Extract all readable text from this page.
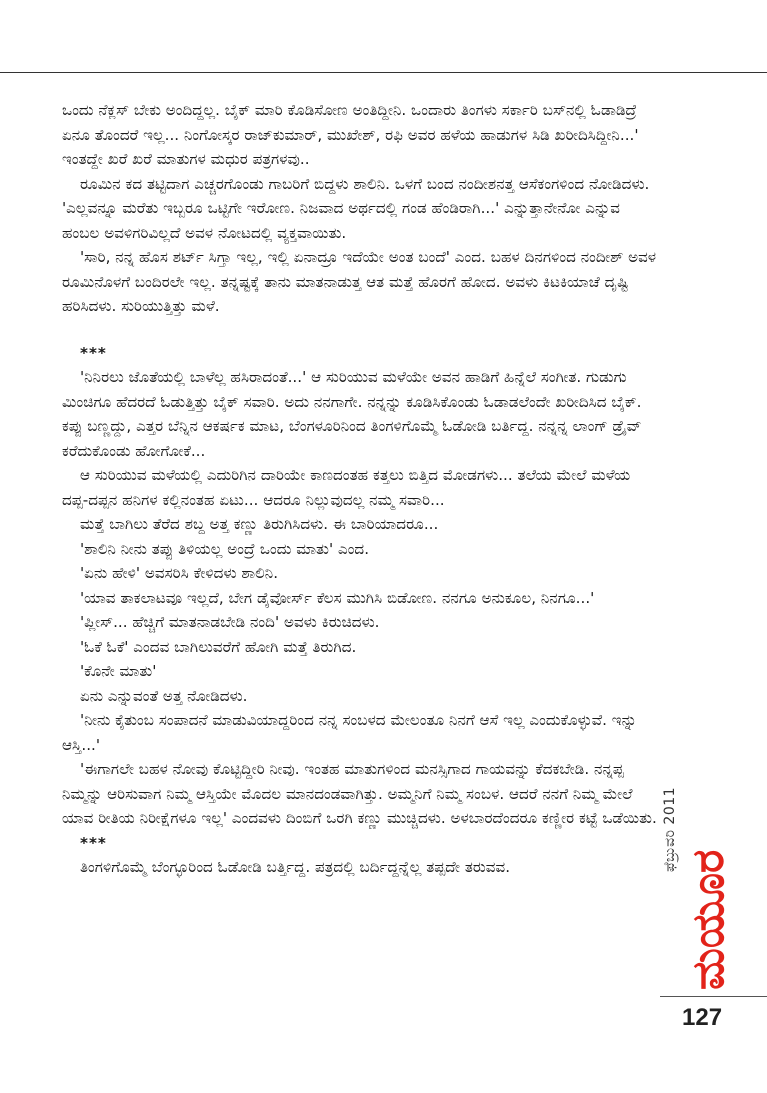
ಒಂದು ನೆಕ್ಲಸ್ ಬೇಕು ಅಂದಿದ್ದಲ್ಲ. ಬೈಕ್ ಮಾರಿ ಕೊಡಿಸೋಣ ಅಂತಿದ್ದೀನಿ. ಒಂದಾರು ತಿಂಗಳು ಸರ್ಕಾರಿ ಬಸ್‌ನಲ್ಲಿ ಓಡಾಡಿದ್ರೆ ಏನೂ ತೊಂದರೆ ಇಲ್ಲ... ನಿಂಗೋಸ್ಕರ ರಾಜ್‌ಕುಮಾರ್, ಮುಖೇಶ್, ರಫಿ ಅವರ ಹಳೆಯ ಹಾಡುಗಳ ಸಿಡಿ ಖರೀದಿಸಿದ್ದೀನಿ...' ಇಂತದ್ದೇ ಖರೆ ಖರೆ ಮಾತುಗಳ ಮಧುರ ಪತ್ರಗಳವು..

ರೂಮಿನ ಕದ ತಟ್ಟಿದಾಗ ಎಚ್ಚರಗೊಂಡು ಗಾಬರಿಗೆ ಬಿದ್ದಳು ಶಾಲಿನಿ. ಒಳಗೆ ಬಂದ ನಂದೀಶನತ್ತ ಆಸೆಕಂಗಳಿಂದ ನೋಡಿದಳು. 'ಎಲ್ಲವನ್ನೂ ಮರೆತು ಇಬ್ಬರೂ ಒಟ್ಟಿಗೇ ಇರೋಣ. ನಿಜವಾದ ಅರ್ಥದಲ್ಲಿ ಗಂಡ ಹೆಂಡಿರಾಗಿ...' ಎನ್ನುತ್ತಾನೇನೋ ಎನ್ನುವ ಹಂಬಲ ಅವಳಿಗರಿವಿಲ್ಲದೆ ಅವಳ ನೋಟದಲ್ಲಿ ವ್ಯಕ್ತವಾಯಿತು.

'ಸಾರಿ, ನನ್ನ ಹೊಸ ಶರ್ಟ್ ಸಿಗ್ತಾ ಇಲ್ಲ, ಇಲ್ಲಿ ಏನಾದ್ರೂ ಇದೆಯೇ ಅಂತ ಬಂದೆ' ಎಂದ. ಬಹಳ ದಿನಗಳಿಂದ ನಂದೀಶ್ ಅವಳ ರೂಮಿನೊಳಗೆ ಬಂದಿರಲೇ ಇಲ್ಲ. ತನ್ನಷ್ಟಕ್ಕೆ ತಾನು ಮಾತನಾಡುತ್ತ ಆತ ಮತ್ತೆ ಹೊರಗೆ ಹೋದ. ಅವಳು ಕಿಟಕಿಯಾಚೆ ದೃಷ್ಟಿ ಹರಿಸಿದಳು. ಸುರಿಯುತ್ತಿತ್ತು ಮಳೆ.

***

'ನಿನಿರಲು ಜೊತೆಯಲ್ಲಿ ಬಾಳೆಲ್ಲ ಹಸಿರಾದಂತೆ...' ಆ ಸುರಿಯುವ ಮಳೆಯೇ ಅವನ ಹಾಡಿಗೆ ಹಿನ್ನೆಲೆ ಸಂಗೀತ. ಗುಡುಗು ಮಿಂಚಿಗೂ ಹೆದರದೆ ಓಡುತ್ತಿತ್ತು ಬೈಕ್ ಸವಾರಿ. ಅದು ನನಗಾಗೇ. ನನ್ನನ್ನು ಕೂಡಿಸಿಕೊಂಡು ಓಡಾಡಲೆಂದೇ ಖರೀದಿಸಿದ ಬೈಕ್. ಕಪ್ಪು ಬಣ್ಣದ್ದು, ಎತ್ತರ ಬೆನ್ನಿನ ಆಕರ್ಷಕ ಮಾಟ, ಬೆಂಗಳೂರಿನಿಂದ ತಿಂಗಳಿಗೊಮ್ಮೆ ಓಡೋಡಿ ಬರ್ತಿದ್ದ. ನನ್ನನ್ನ ಲಾಂಗ್ ಡ್ರೈವ್ ಕರೆದುಕೊಂಡು ಹೋಗೋಕೆ...

ಆ ಸುರಿಯುವ ಮಳೆಯಲ್ಲಿ ಎದುರಿಗಿನ ದಾರಿಯೇ ಕಾಣದಂತಹ ಕತ್ತಲು ಬಿತ್ತಿದ ಮೋಡಗಳು... ತಲೆಯ ಮೇಲೆ ಮಳೆಯ ದಪ್ಪ-ದಪ್ಪನ ಹನಿಗಳ ಕಲ್ಲಿನಂತಹ ಏಟು... ಆದರೂ ನಿಲ್ಲುವುದಲ್ಲ ನಮ್ಮ ಸವಾರಿ...

ಮತ್ತೆ ಬಾಗಿಲು ತೆರೆದ ಶಬ್ದ ಅತ್ತ ಕಣ್ಣು ತಿರುಗಿಸಿದಳು. ಈ ಬಾರಿಯಾದರೂ...

'ಶಾಲಿನಿ ನೀನು ತಪ್ಪು ತಿಳಿಯಲ್ಲ ಅಂದ್ರೆ ಒಂದು ಮಾತು' ಎಂದ.

'ಏನು ಹೇಳಿ' ಅವಸರಿಸಿ ಕೇಳಿದಳು ಶಾಲಿನಿ.

'ಯಾವ ತಾಕಲಾಟವೂ ಇಲ್ಲದೆ, ಬೇಗ ಡೈವೋರ್ಸ್ ಕೆಲಸ ಮುಗಿಸಿ ಬಿಡೋಣ. ನನಗೂ ಅನುಕೂಲ, ನಿನಗೂ...'

'ಪ್ಲೀಸ್... ಹೆಚ್ಚಿಗೆ ಮಾತನಾಡಬೇಡಿ ನಂದಿ' ಅವಳು ಕಿರುಚಿದಳು.

'ಓಕೆ ಓಕೆ' ಎಂದವ ಬಾಗಿಲುವರೆಗೆ ಹೋಗಿ ಮತ್ತೆ ತಿರುಗಿದ.

'ಕೊನೇ ಮಾತು'

ಏನು ಎನ್ನುವಂತೆ ಅತ್ತ ನೋಡಿದಳು.

'ನೀನು ಕೈತುಂಬ ಸಂಪಾದನೆ ಮಾಡುವಿಯಾದ್ದರಿಂದ ನನ್ನ ಸಂಬಳದ ಮೇಲಂತೂ ನಿನಗೆ ಆಸೆ ಇಲ್ಲ ಎಂದುಕೊಳ್ಳುವೆ. ಇನ್ನು ಆಸ್ತಿ...'

'ಈಗಾಗಲೇ ಬಹಳ ನೋವು ಕೊಟ್ಟಿದ್ದೀರಿ ನೀವು. ಇಂತಹ ಮಾತುಗಳಿಂದ ಮನಸ್ಸಿಗಾದ ಗಾಯವನ್ನು ಕೆದಕಬೇಡಿ. ನನ್ನಪ್ಪ ನಿಮ್ಮನ್ನು ಆರಿಸುವಾಗ ನಿಮ್ಮ ಆಸ್ತಿಯೇ ಮೊದಲ ಮಾನದಂಡವಾಗಿತ್ತು. ಅಮ್ಮನಿಗೆ ನಿಮ್ಮ ಸಂಬಳ. ಆದರೆ ನನಗೆ ನಿಮ್ಮ ಮೇಲೆ ಯಾವ ರೀತಿಯ ನಿರೀಕ್ಷೆಗಳೂ ಇಲ್ಲ' ಎಂದವಳು ದಿಂಬಿಗೆ ಒರಗಿ ಕಣ್ಣು ಮುಚ್ಚಿದಳು. ಅಳಬಾರದೆಂದರೂ ಕಣ್ಣೀರ ಕಟ್ಟೆ ಒಡೆಯಿತು.

***

ತಿಂಗಳಿಗೊಮ್ಮೆ ಬೆಂಗ್ಳೂರಿಂದ ಓಡೋಡಿ ಬರ್ತ್ತಿದ್ದ. ಪತ್ರದಲ್ಲಿ ಬರ್ದಿದ್ದನ್ನೆಲ್ಲ ತಪ್ಪದೇ ತರುವವ.	ಫೆಬ್ರುವರಿ 2011
ಮಯೂರ
127
